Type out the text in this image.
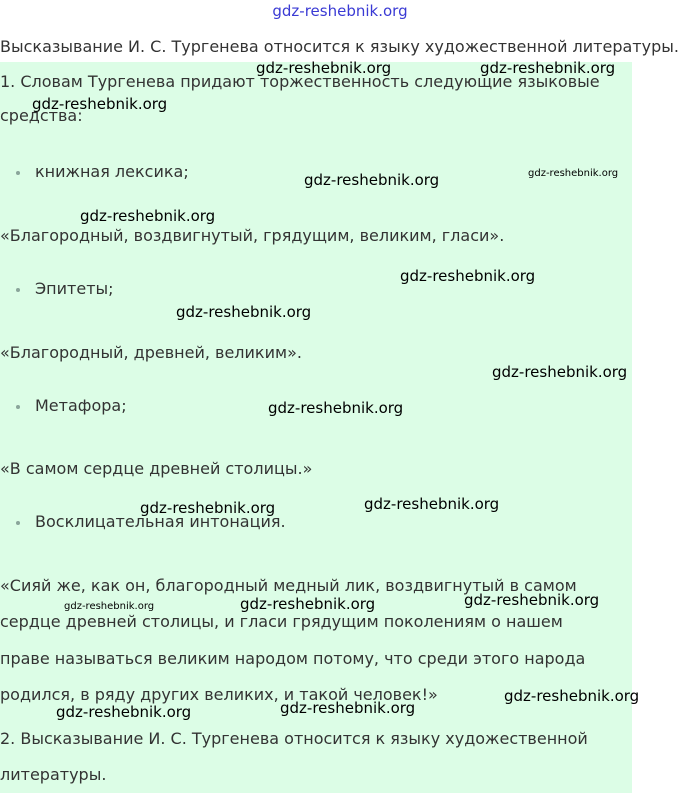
gdz-reshebnik.org
Высказывание И. С. Тургенева относится к языку художественной литературы.
1. Словам Тургенева придают торжественность следующие языковые
средства:
книжная лексика;
«Благородный, воздвигнутый, грядущим, великим, гласи».
Эпитеты;
«Благородный, древней, великим».
Метафора;
«В самом сердце древней столицы.»
Восклицательная интонация.
«Сияй же, как он, благородный медный лик, воздвигнутый в самом
сердце древней столицы, и гласи грядущим поколениям о нашем
праве называться великим народом потому, что среди этого народа
родился, в ряду других великих, и такой человек!»
2. Высказывание И. С. Тургенева относится к языку художественной
литературы.
gdz-reshebnik.org	gdz-reshebnik.org
gdz-reshebnik.org
gdz-reshebnik.org	gdz-reshebnik.org
gdz-reshebnik.org
gdz-reshebnik.org
gdz-reshebnik.org
gdz-reshebnik.org
gdz-reshebnik.org
gdz-reshebnik.org	gdz-reshebnik.org
gdz-reshebnik.org	gdz-reshebnik.org	gdz-reshebnik.org
gdz-reshebnik.org
gdz-reshebnik.org	gdz-reshebnik.org
